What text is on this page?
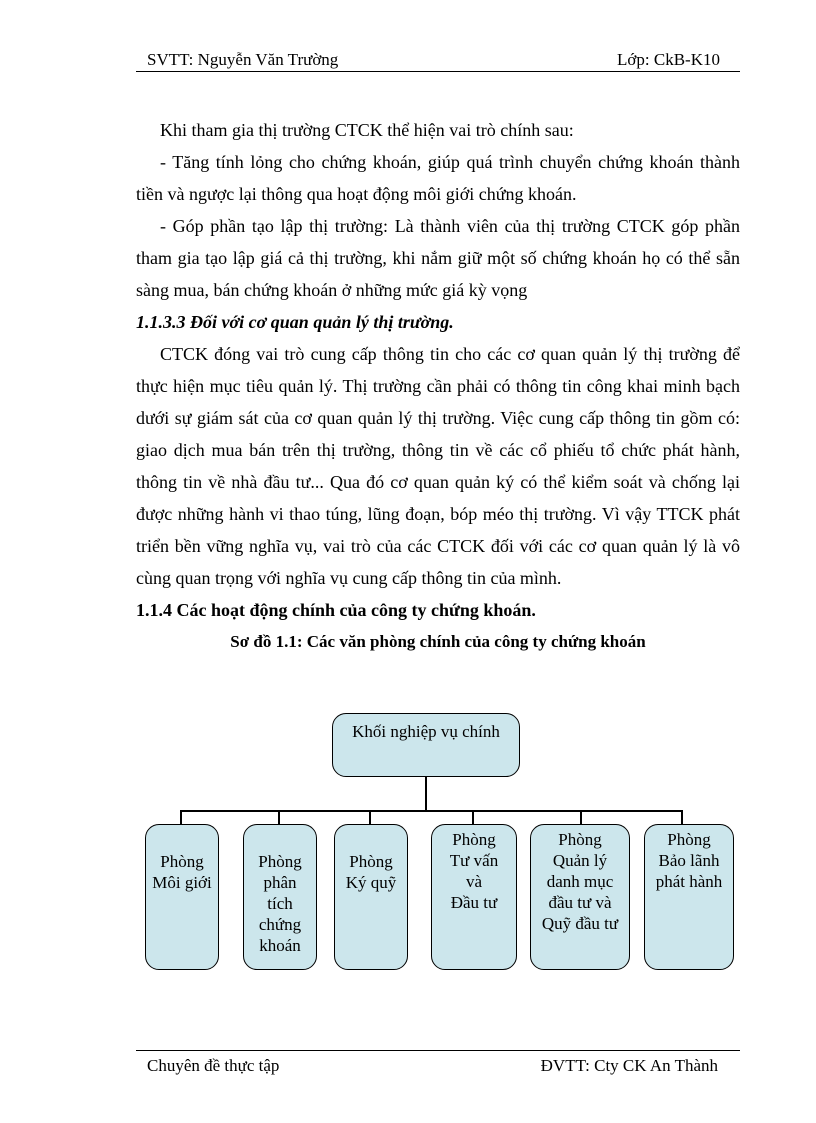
SVTT: Nguyễn Văn Trường	Lớp: CkB-K10

Khi tham gia thị trường CTCK thể hiện vai trò chính sau:

- Tăng tính lỏng cho chứng khoán, giúp quá trình chuyển chứng khoán thành tiền và ngược lại thông qua hoạt động môi giới chứng khoán.

- Góp phần tạo lập thị trường: Là thành viên của thị trường CTCK góp phần tham gia tạo lập giá cả thị trường, khi nắm giữ một số chứng khoán họ có thể sẵn sàng mua, bán chứng khoán ở những mức giá kỳ vọng

1.1.3.3 Đối với cơ quan quản lý thị trường.

CTCK đóng vai trò cung cấp thông tin cho các cơ quan quản lý thị trường để thực hiện mục tiêu quản lý. Thị trường cần phải có thông tin công khai minh bạch dưới sự giám sát của cơ quan quản lý thị trường. Việc cung cấp thông tin gồm có: giao dịch mua bán trên thị trường, thông tin về các cổ phiếu tổ chức phát hành, thông tin về nhà đầu tư... Qua đó cơ quan quản ký có thể kiểm soát và chống lại được những hành vi thao túng, lũng đoạn, bóp méo thị trường. Vì vậy TTCK phát triển bền vững nghĩa vụ, vai trò của các CTCK đối với các cơ quan quản lý là vô cùng quan trọng với nghĩa vụ cung cấp thông tin của mình.

1.1.4 Các hoạt động chính của công ty chứng khoán.

Sơ đồ 1.1: Các văn phòng chính của công ty chứng khoán

Khối nghiệp vụ chính
Phòng
Môi giới
Phòng
phân
tích
chứng
khoán
Phòng
Ký quỹ
Phòng
Tư vấn
và
Đầu tư
Phòng
Quản lý
danh mục
đầu tư và
Quỹ đầu tư
Phòng
Bảo lãnh
phát hành
Chuyên đề thực tập	ĐVTT: Cty CK An Thành
